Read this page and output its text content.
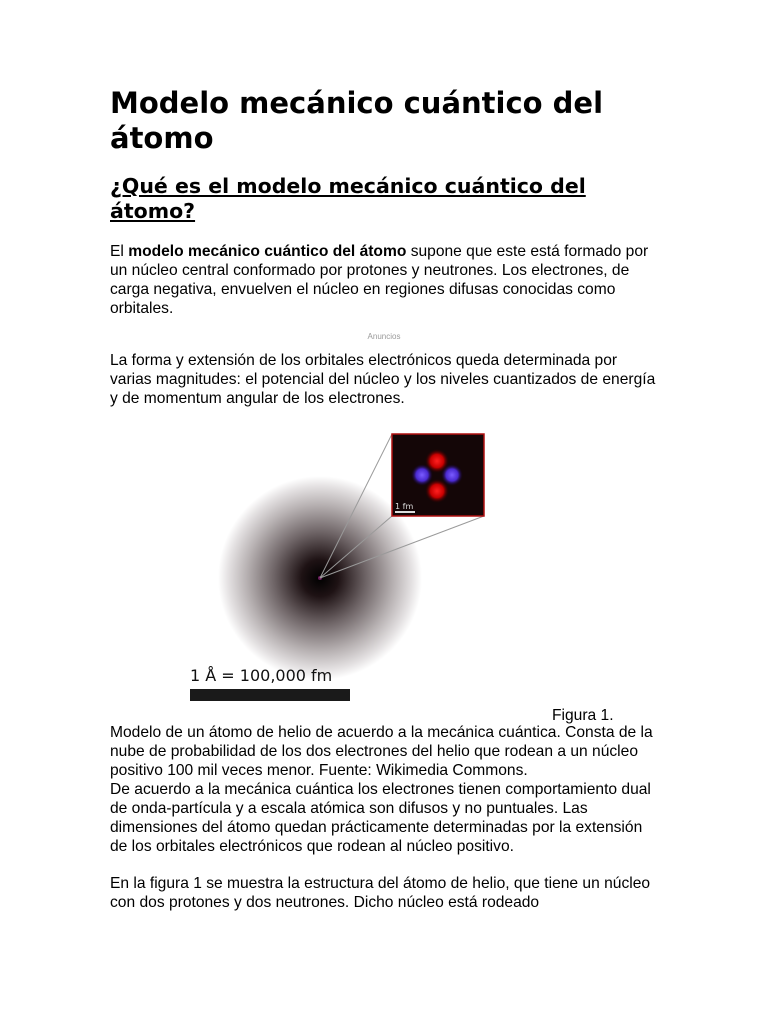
Modelo mecánico cuántico del átomo
¿Qué es el modelo mecánico cuántico del átomo?

El modelo mecánico cuántico del átomo supone que este está formado por un núcleo central conformado por protones y neutrones. Los electrones, de carga negativa, envuelven el núcleo en regiones difusas conocidas como orbitales.

Anuncios

La forma y extensión de los orbitales electrónicos queda determinada por varias magnitudes: el potencial del núcleo y los niveles cuantizados de energía y de momentum angular de los electrones.

1 fm
1 Å = 100,000 fm
Figura 1.

Modelo de un átomo de helio de acuerdo a la mecánica cuántica. Consta de la nube de probabilidad de los dos electrones del helio que rodean a un núcleo positivo 100 mil veces menor. Fuente: Wikimedia Commons.

De acuerdo a la mecánica cuántica los electrones tienen comportamiento dual de onda-partícula y a escala atómica son difusos y no puntuales. Las dimensiones del átomo quedan prácticamente determinadas por la extensión de los orbitales electrónicos que rodean al núcleo positivo.

En la figura 1 se muestra la estructura del átomo de helio, que tiene un núcleo con dos protones y dos neutrones. Dicho núcleo está rodeado
